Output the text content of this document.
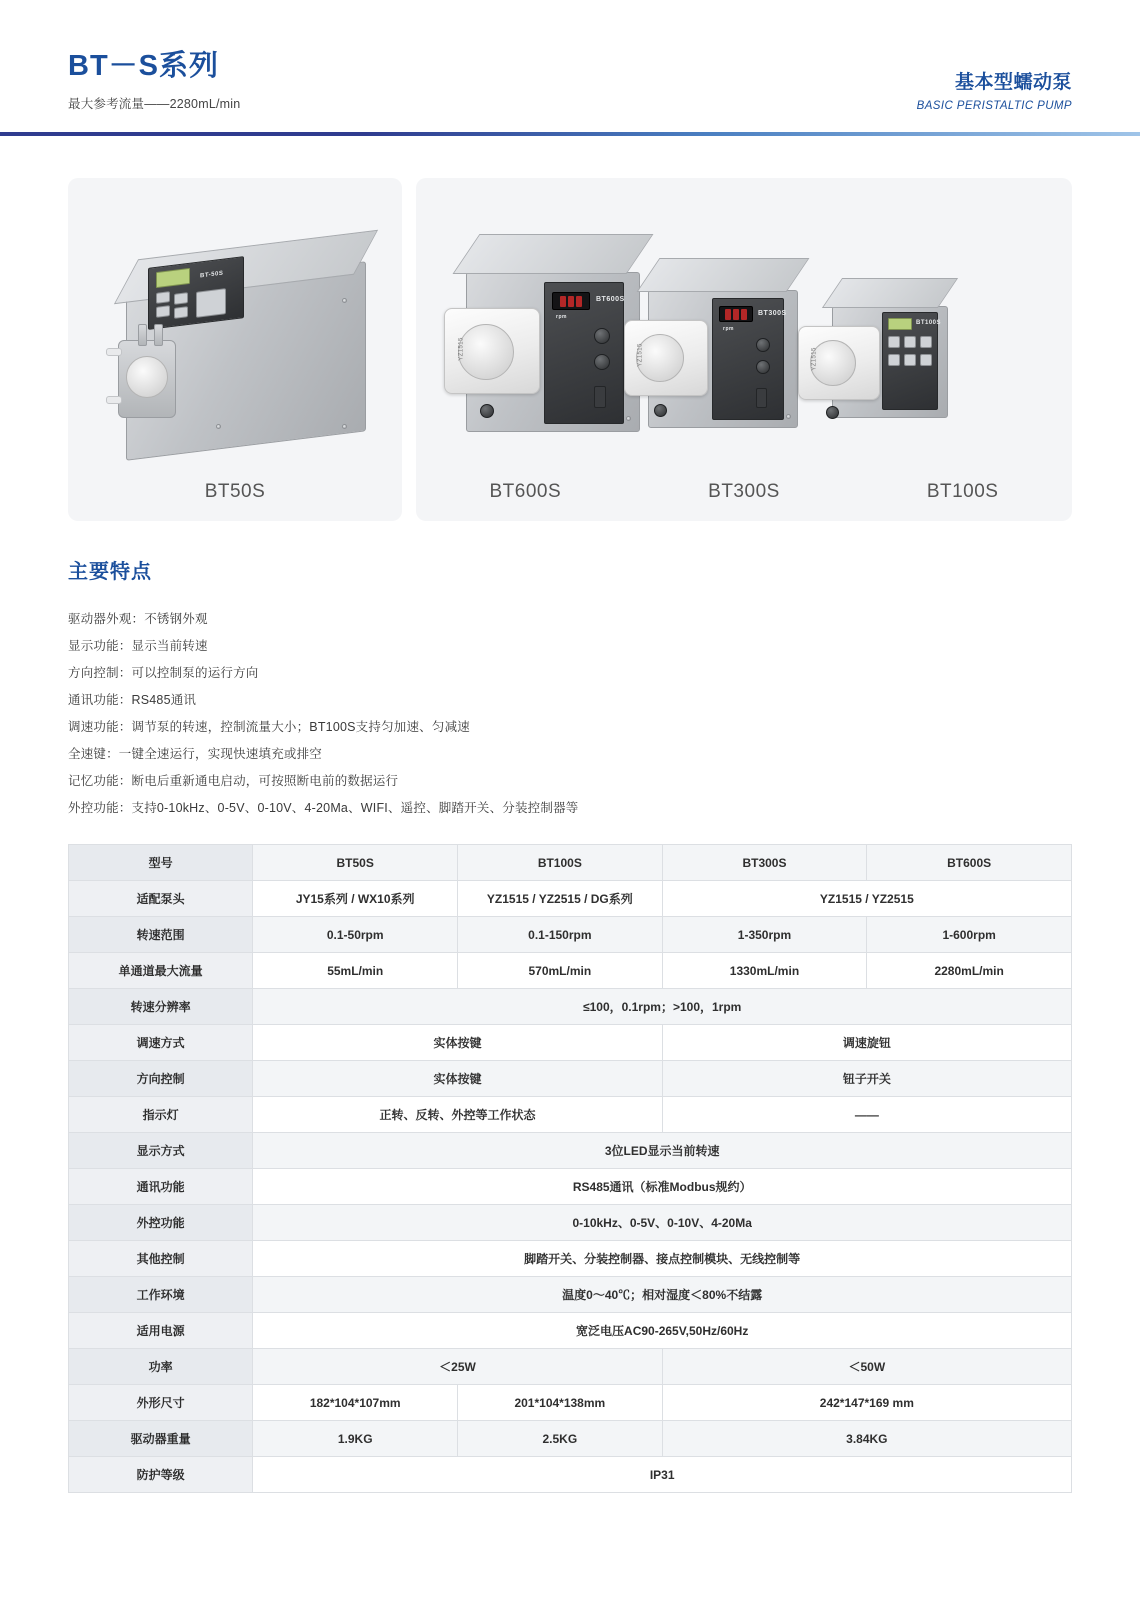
BT－S系列
最大参考流量——2280mL/min
基本型蠕动泵
BASIC PERISTALTIC PUMP
BT-50S
BT50S
BT600S
rpm
YZ1515
BT300S
rpm
YZ1515
BT100S
YZ1515
BT600S	BT300S	BT100S
主要特点
驱动器外观：不锈钢外观
显示功能：显示当前转速
方向控制：可以控制泵的运行方向
通讯功能：RS485通讯
调速功能：调节泵的转速，控制流量大小；BT100S支持匀加速、匀减速
全速键：一键全速运行，实现快速填充或排空
记忆功能：断电后重新通电启动，可按照断电前的数据运行
外控功能：支持0-10kHz、0-5V、0-10V、4-20Ma、WIFI、遥控、脚踏开关、分装控制器等
型号	BT50S	BT100S	BT300S	BT600S
适配泵头	JY15系列 / WX10系列	YZ1515 / YZ2515 / DG系列	YZ1515 / YZ2515	
转速范围	0.1-50rpm	0.1-150rpm	1-350rpm	1-600rpm
单通道最大流量	55mL/min	570mL/min	1330mL/min	2280mL/min
转速分辨率	≤100，0.1rpm；>100，1rpm			
调速方式	实体按键		调速旋钮	
方向控制	实体按键		钮子开关	
指示灯	正转、反转、外控等工作状态		——	
显示方式	3位LED显示当前转速			
通讯功能	RS485通讯（标准Modbus规约）			
外控功能	0-10kHz、0-5V、0-10V、4-20Ma			
其他控制	脚踏开关、分装控制器、接点控制模块、无线控制等			
工作环境	温度0～40℃；相对湿度＜80%不结露			
适用电源	宽泛电压AC90-265V,50Hz/60Hz			
功率	＜25W		＜50W	
外形尺寸	182*104*107mm	201*104*138mm	242*147*169 mm	
驱动器重量	1.9KG	2.5KG	3.84KG	
防护等级	IP31			
